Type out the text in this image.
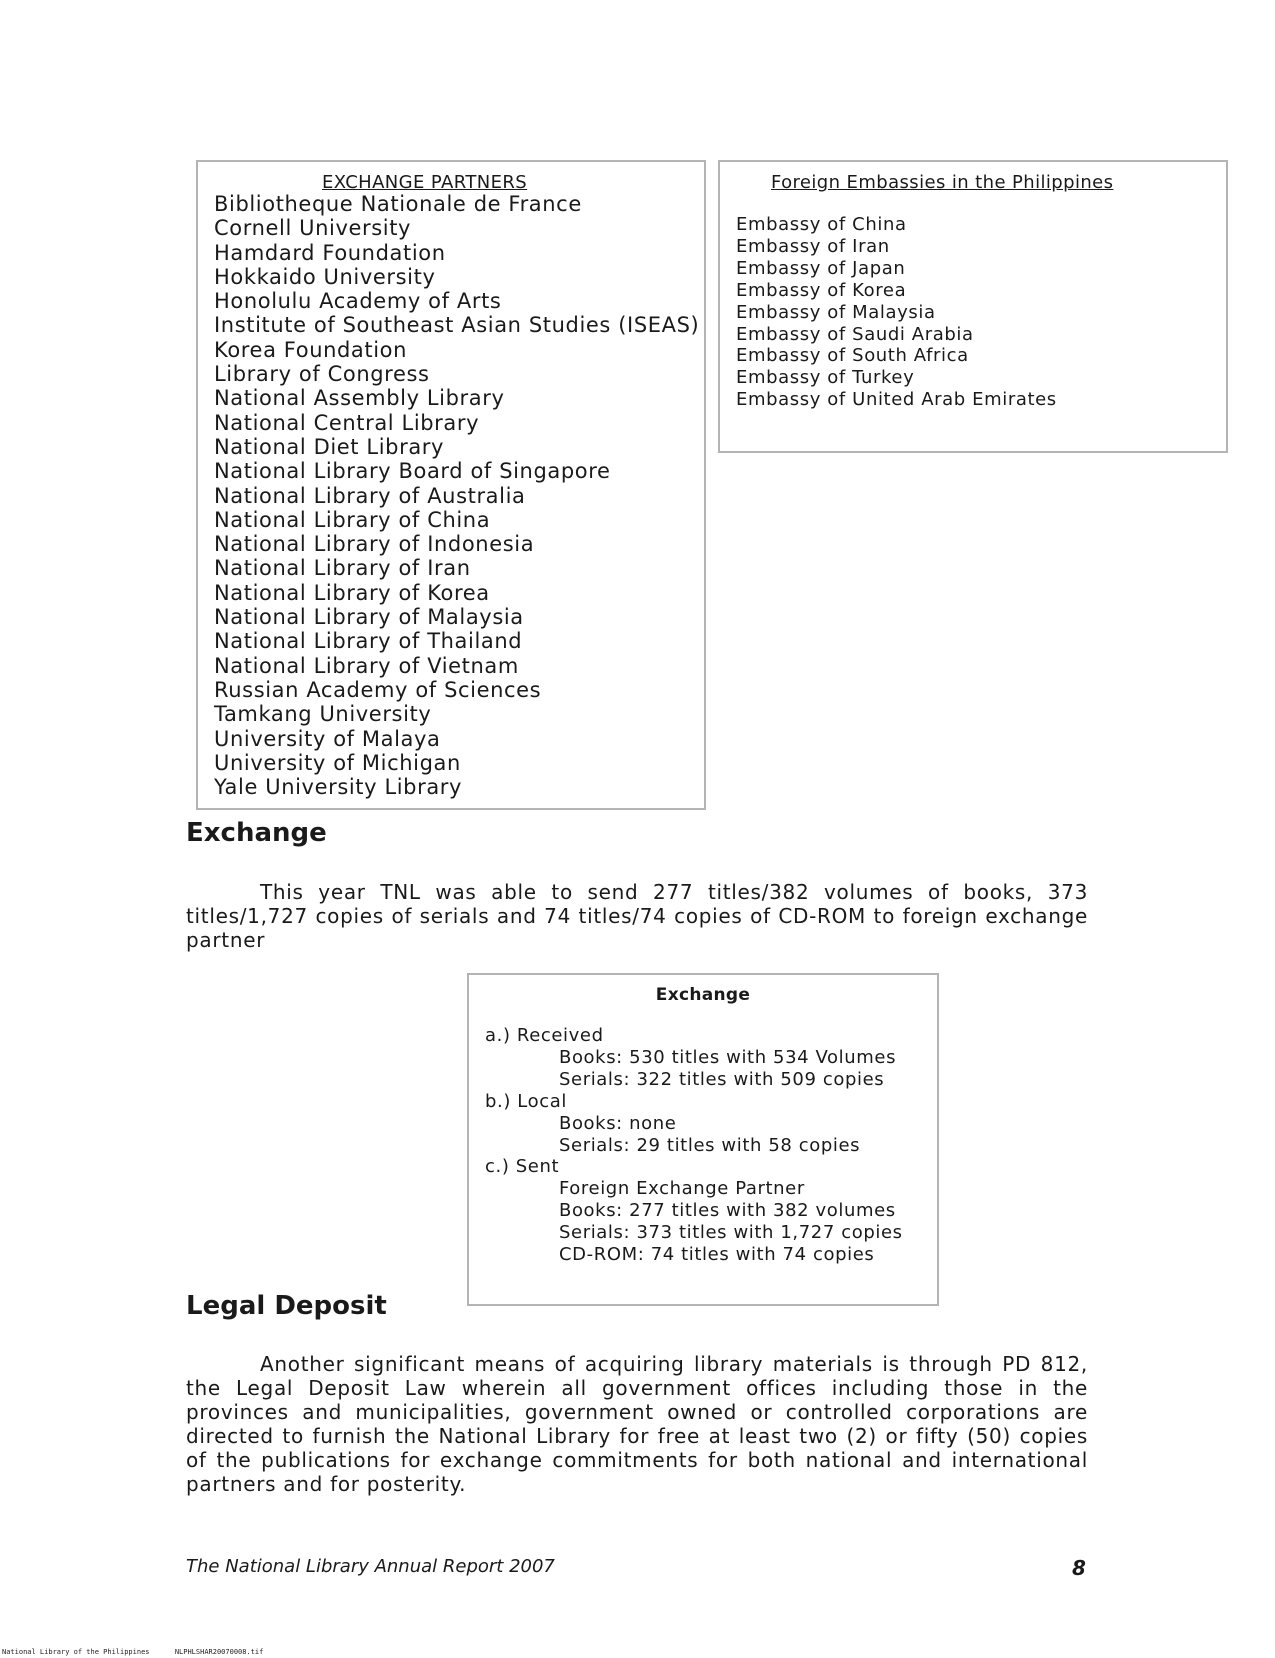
EXCHANGE PARTNERS
Bibliotheque Nationale de France
Cornell University
Hamdard Foundation
Hokkaido University
Honolulu Academy of Arts
Institute of Southeast Asian Studies (ISEAS)
Korea Foundation
Library of Congress
National Assembly Library
National Central Library
National Diet Library
National Library Board of Singapore
National Library of Australia
National Library of China
National Library of Indonesia
National Library of Iran
National Library of Korea
National Library of Malaysia
National Library of Thailand
National Library of Vietnam
Russian Academy of Sciences
Tamkang University
University of Malaya
University of Michigan
Yale University Library
Foreign Embassies in the Philippines
Embassy of China
Embassy of Iran
Embassy of Japan
Embassy of Korea
Embassy of Malaysia
Embassy of Saudi Arabia
Embassy of South Africa
Embassy of Turkey
Embassy of United Arab Emirates
Exchange

This year TNL was able to send 277 titles/382 volumes of books, 373 titles/1,727 copies of serials and 74 titles/74 copies of CD-ROM to foreign exchange partner

Exchange
a.) Received
Books: 530 titles with 534 Volumes
Serials: 322 titles with 509 copies
b.) Local
Books: none
Serials: 29 titles with 58 copies
c.) Sent
Foreign Exchange Partner
Books: 277 titles with 382 volumes
Serials: 373 titles with 1,727 copies
CD-ROM: 74 titles with 74 copies
Legal Deposit

Another significant means of acquiring library materials is through PD 812, the Legal Deposit Law wherein all government offices including those in the provinces and municipalities, government owned or controlled corporations are directed to furnish the National Library for free at least two (2) or fifty (50) copies of the publications for exchange commitments for both national and international partners and for posterity.

The National Library Annual Report 2007	8
National Library of the Philippines	NLPHLSHAR20070008.tif
